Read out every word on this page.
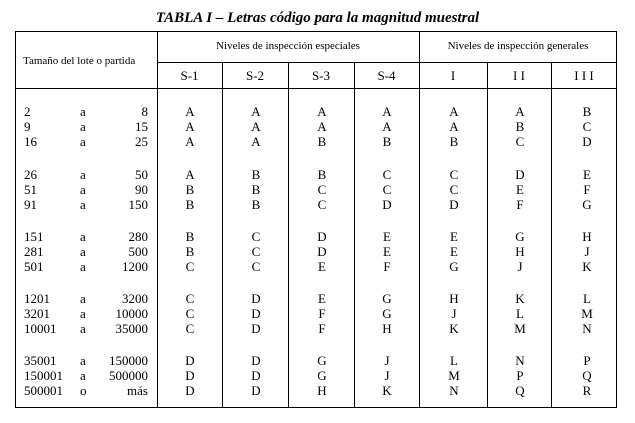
TABLA I – Letras código para la magnitud muestral
Tamaño del lote o partida
Niveles de inspección especiales	Niveles de inspección generales
S-1	S-2	S-3	S-4	I	I I	I I I
2	a	8	A	A	A	A	A	A	B
9	a	15	A	A	A	A	A	B	C
16	a	25	A	A	B	B	B	C	D
26	a	50	A	B	B	C	C	D	E
51	a	90	B	B	C	C	C	E	F
91	a	150	B	B	C	D	D	F	G
151	a	280	B	C	D	E	E	G	H
281	a	500	B	C	D	E	E	H	J
501	a	1200	C	C	E	F	G	J	K
1201 a	3200	C	D	E	G	H	K	L
3201 a	10000	C	D	F	G	J	L	M
10001 a	35000	C	D	F	H	K	M	N
35001 a	150000	D	D	G	J	L	N	P
150001 a	500000	D	D	G	J	M	P	Q
500001 o	más	D	D	H	K	N	Q	R
